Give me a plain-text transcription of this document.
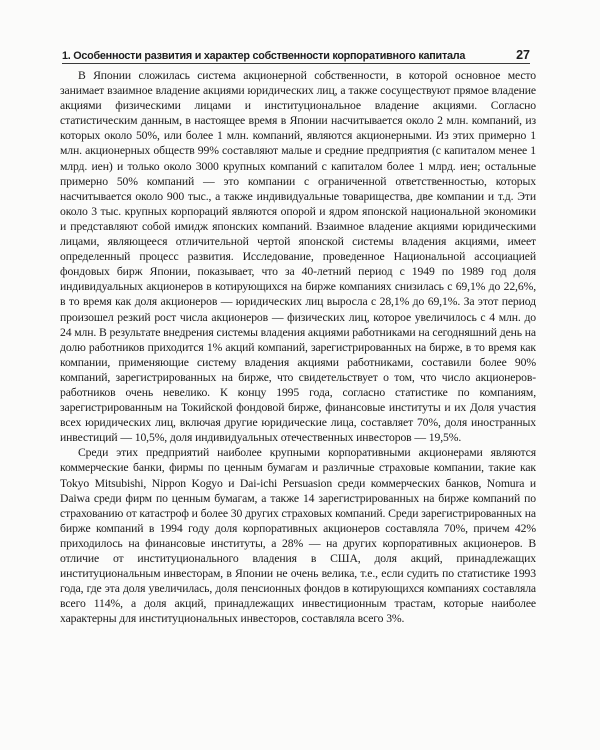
1. Особенности развития и характер собственности корпоративного капитала	27

В Японии сложилась система акционерной собственности, в которой основное место занимает взаимное владение акциями юридических лиц, а также сосуществуют прямое владение акциями физическими лицами и институциональное владение акциями. Согласно статистическим данным, в настоящее время в Японии насчитывается около 2 млн. компаний, из которых около 50%, или более 1 млн. компаний, являются акционерными. Из этих примерно 1 млн. акционерных обществ 99% составляют малые и средние предприятия (с капиталом менее 1 млрд. иен) и только около 3000 крупных компаний с капиталом более 1 млрд. иен; остальные примерно 50% компаний — это компании с ограниченной ответственностью, которых насчитывается около 900 тыс., а также индивидуальные товарищества, две компании и т.д. Эти около 3 тыс. крупных корпораций являются опорой и ядром японской национальной экономики и представляют собой имидж японских компаний. Взаимное владение акциями юридическими лицами, являющееся отличительной чертой японской системы владения акциями, имеет определенный процесс развития. Исследование, проведенное Национальной ассоциацией фондовых бирж Японии, показывает, что за 40-летний период с 1949 по 1989 год доля индивидуальных акционеров в котирующихся на бирже компаниях снизилась с 69,1% до 22,6%, в то время как доля акционеров — юридических лиц выросла с 28,1% до 69,1%. За этот период произошел резкий рост числа акционеров — физических лиц, которое увеличилось с 4 млн. до 24 млн. В результате внедрения системы владения акциями работниками на сегодняшний день на долю работников приходится 1% акций компаний, зарегистрированных на бирже, в то время как компании, применяющие систему владения акциями работниками, составили более 90% компаний, зарегистрированных на бирже, что свидетельствует о том, что число акционеров-работников очень невелико. К концу 1995 года, согласно статистике по компаниям, зарегистрированным на Токийской фондовой бирже, финансовые институты и их Доля участия всех юридических лиц, включая другие юридические лица, составляет 70%, доля иностранных инвестиций — 10,5%, доля индивидуальных отечественных инвесторов — 19,5%.

Среди этих предприятий наиболее крупными корпоративными акционерами являются коммерческие банки, фирмы по ценным бумагам и различные страховые компании, такие как Tokyo Mitsubishi, Nippon Kogyo и Dai-ichi Persuasion среди коммерческих банков, Nomura и Daiwa среди фирм по ценным бумагам, а также 14 зарегистрированных на бирже компаний по страхованию от катастроф и более 30 других страховых компаний. Среди зарегистрированных на бирже компаний в 1994 году доля корпоративных акционеров составляла 70%, причем 42% приходилось на финансовые институты, а 28% — на других корпоративных акционеров. В отличие от институционального владения в США, доля акций, принадлежащих институциональным инвесторам, в Японии не очень велика, т.е., если судить по статистике 1993 года, где эта доля увеличилась, доля пенсионных фондов в котирующихся компаниях составляла всего 114%, а доля акций, принадлежащих инвестиционным трастам, которые наиболее характерны для институциональных инвесторов, составляла всего 3%.
